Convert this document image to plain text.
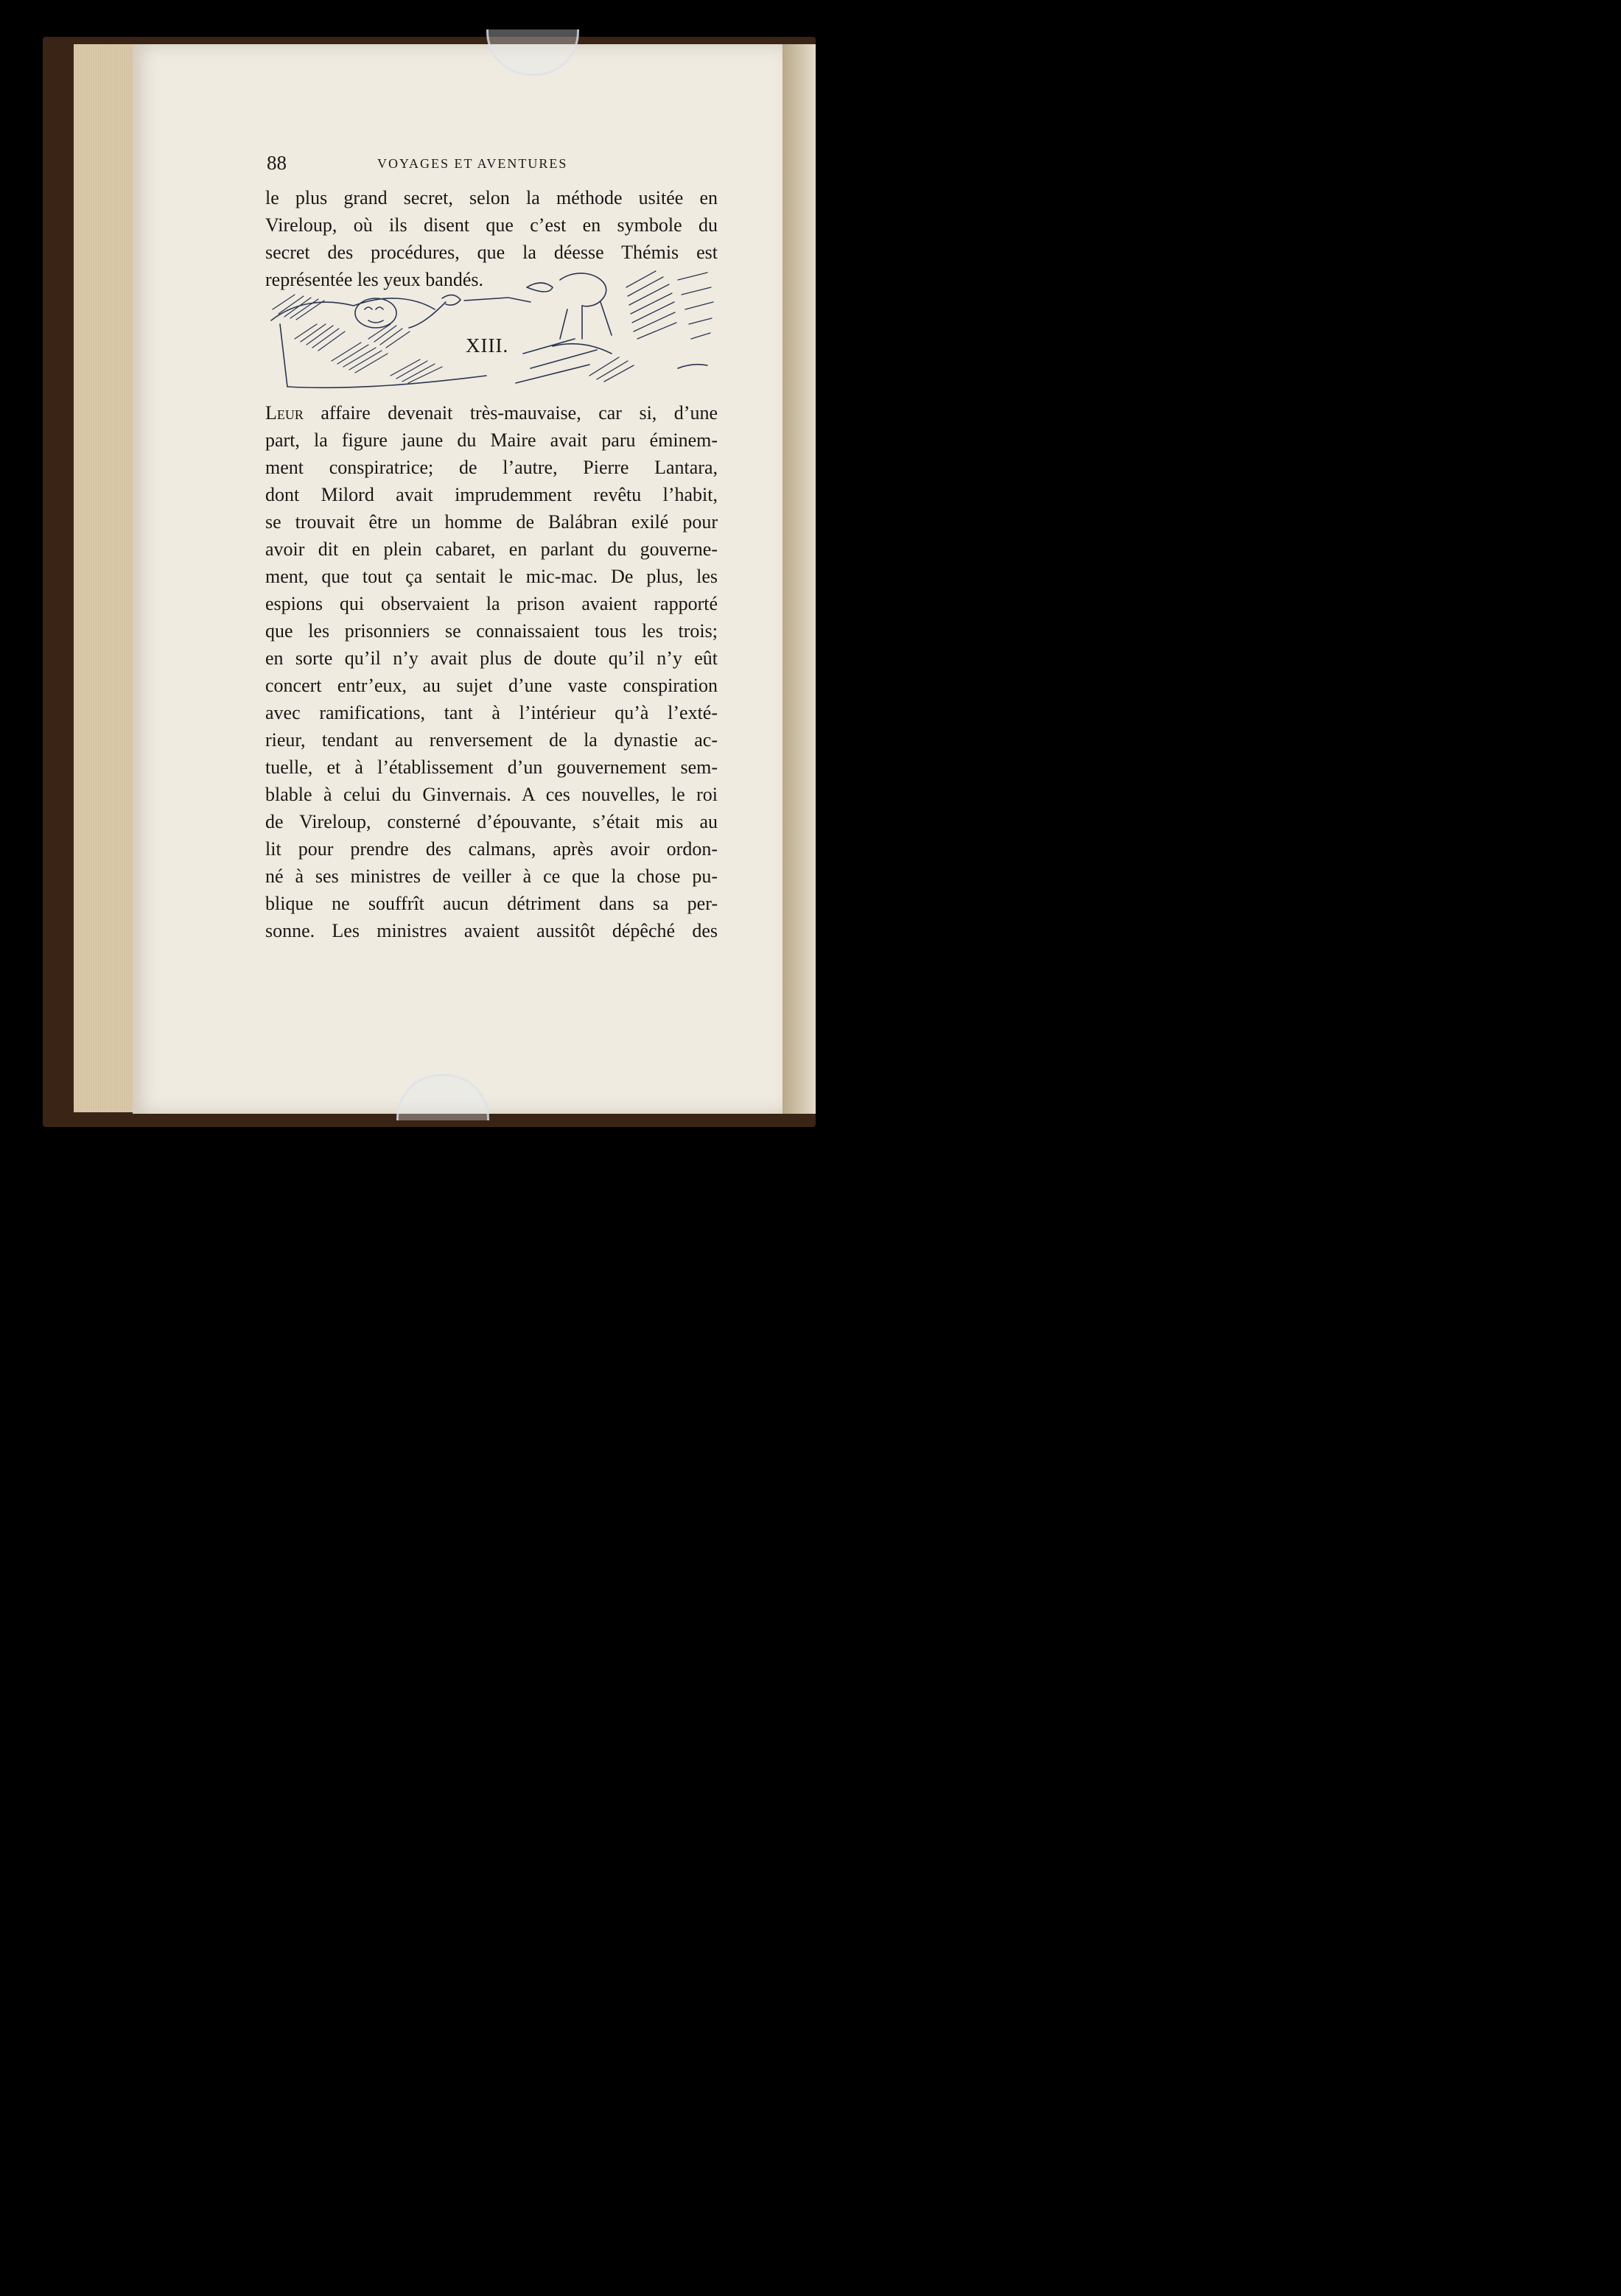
88	VOYAGES ET AVENTURES
le plus grand secret, selon la méthode usitée en
Vireloup, où ils disent que c’est en symbole du
secret des procédures, que la déesse Thémis est
représentée les yeux bandés.
XIII.
Leur affaire devenait très-mauvaise, car si, d’une
part, la figure jaune du Maire avait paru éminem-
ment conspiratrice; de l’autre, Pierre Lantara,
dont Milord avait imprudemment revêtu l’habit,
se trouvait être un homme de Balábran exilé pour
avoir dit en plein cabaret, en parlant du gouverne-
ment, que tout ça sentait le mic-mac. De plus, les
espions qui observaient la prison avaient rapporté
que les prisonniers se connaissaient tous les trois;
en sorte qu’il n’y avait plus de doute qu’il n’y eût
concert entr’eux, au sujet d’une vaste conspiration
avec ramifications, tant à l’intérieur qu’à l’exté-
rieur, tendant au renversement de la dynastie ac-
tuelle, et à l’établissement d’un gouvernement sem-
blable à celui du Ginvernais. A ces nouvelles, le roi
de Vireloup, consterné d’épouvante, s’était mis au
lit pour prendre des calmans, après avoir ordon-
né à ses ministres de veiller à ce que la chose pu-
blique ne souffrît aucun détriment dans sa per-
sonne. Les ministres avaient aussitôt dépêché des
